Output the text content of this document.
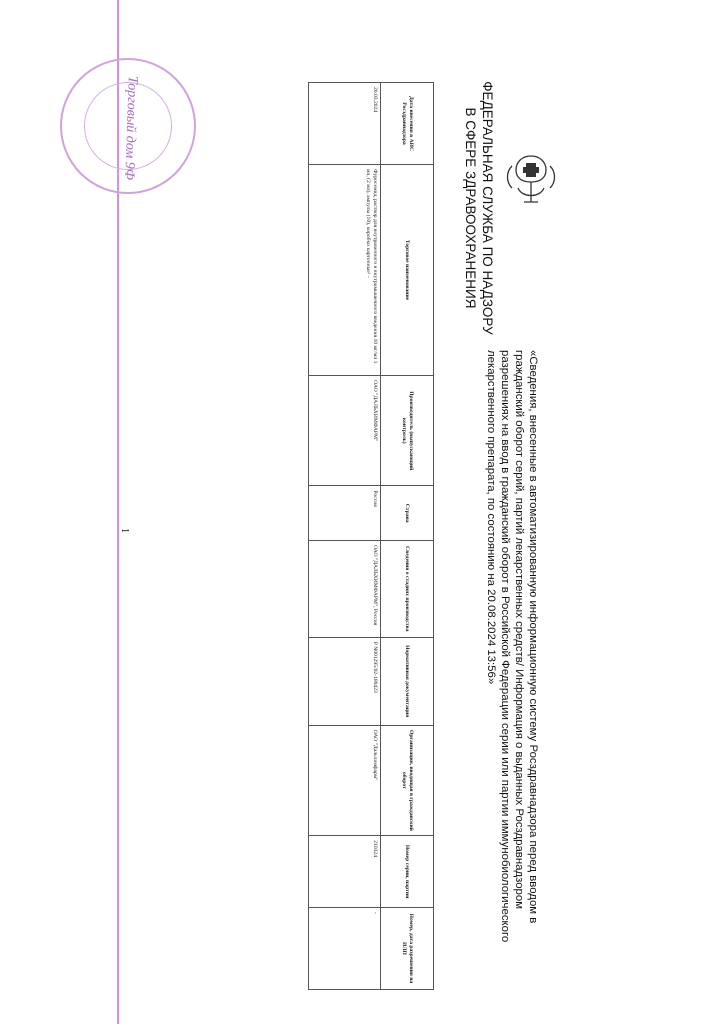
Торговый дом 9Ф	ФЕДЕРАЛЬНАЯ СЛУЖБА ПО НАДЗОРУ
В СФЕРЕ ЗДРАВООХРАНЕНИЯ
«Сведения, внесенные в автоматизированную информационную систему Росздравнадзора перед вводом в гражданский оборот серий, партий лекарственных средств/ Информация о выданных Росздравнадзором разрешениях на ввод в гражданский оборот в Российской Федерации серии или партии иммунобиологического лекарственного препарата, по состоянию на 20.08.2024 13:56»
Дата внесения в АИС Росздравнадзора	Торговое наименование	Производитель (выпускающий контроль)	Страна	Сведения о стадиях производства	Нормативная документация	Организация, вводящая в гражданский оборот	Номер серии, партии	Номер, дата разрешения на ИЛП
20.03.2024	Фуросемид, раствор для внутривенного и внутримышечного введения 10 мг/мл 1 мл, (2 мл), ампулы (10), коробки картонные¹ -	ОАО "ДАЛЬХИМФАРМ"	Россия	ОАО "ДАЛЬХИМФАРМ", Россия	Р N001295/02-180423	ОАО "Дальхимфарм"	210324	-
1
